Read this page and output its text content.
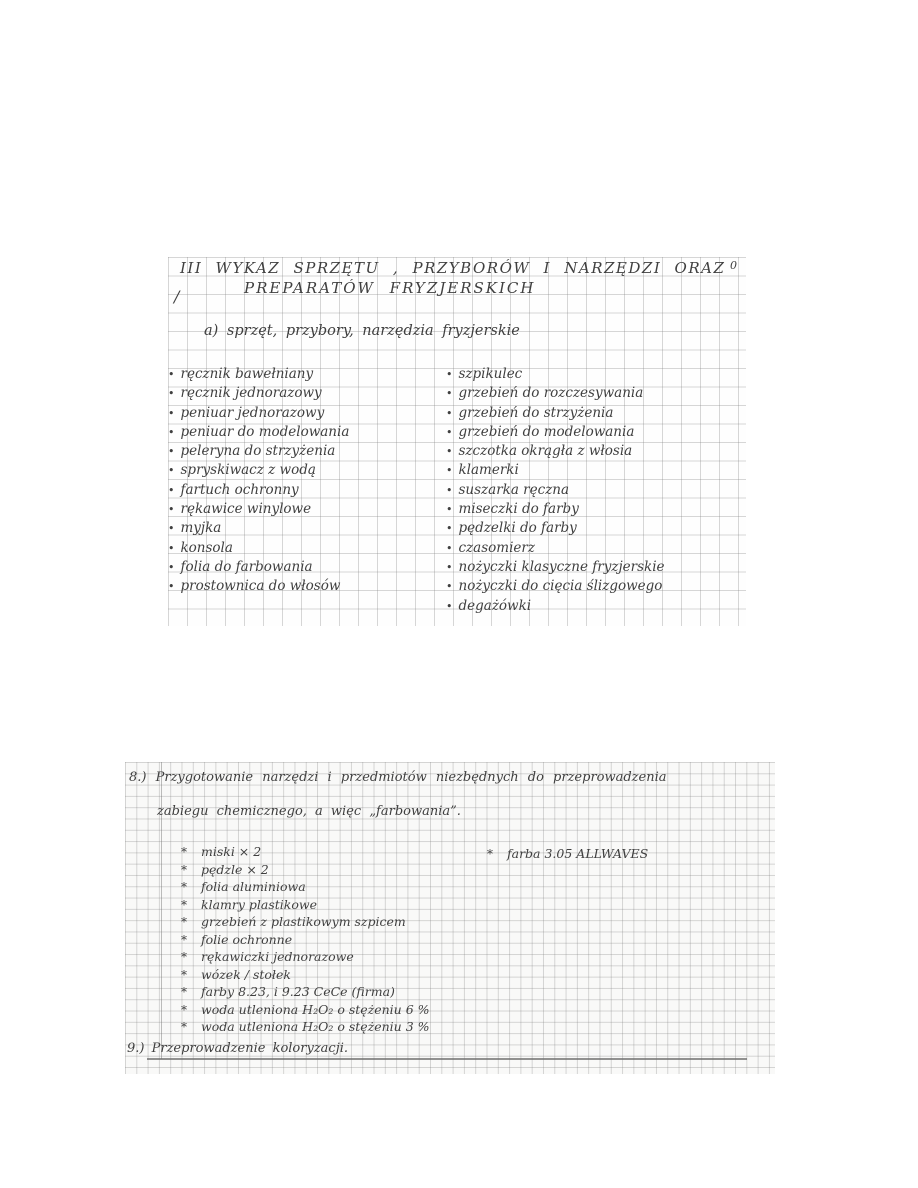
III WYKAZ SPRZĘTU , PRZYBORÓW I NARZĘDZI ORAZ
PREPARATÓW FRYZJERSKICH
0
/
a) sprzęt, przybory, narzędzia fryzjerskie
• ręcznik bawełniany
• ręcznik jednorazowy
• peniuar jednorazowy
• peniuar do modelowania
• peleryna do strzyżenia
• spryskiwacz z wodą
• fartuch ochronny
• rękawice winylowe
• myjka
• konsola
• folia do farbowania
• prostownica do włosów
• szpikulec
• grzebień do rozczesywania
• grzebień do strzyżenia
• grzebień do modelowania
• szczotka okrągła z włosia
• klamerki
• suszarka ręczna
• miseczki do farby
• pędzelki do farby
• czasomierz
• nożyczki klasyczne fryzjerskie
• nożyczki do cięcia ślizgowego
• degażówki
8.) Przygotowanie narzędzi i przedmiotów niezbędnych do przeprowadzenia
zabiegu chemicznego, a więc „farbowania”.
* miski × 2
* pędzle × 2
* folia aluminiowa
* klamry plastikowe
* grzebień z plastikowym szpicem
* folie ochronne
* rękawiczki jednorazowe
* wózek / stołek
* farby 8.23, i 9.23 CeCe (firma)
* woda utleniona H₂O₂ o stężeniu 6 %
* woda utleniona H₂O₂ o stężeniu 3 %
* farba 3.05 ALLWAVES
9.) Przeprowadzenie koloryzacji.
